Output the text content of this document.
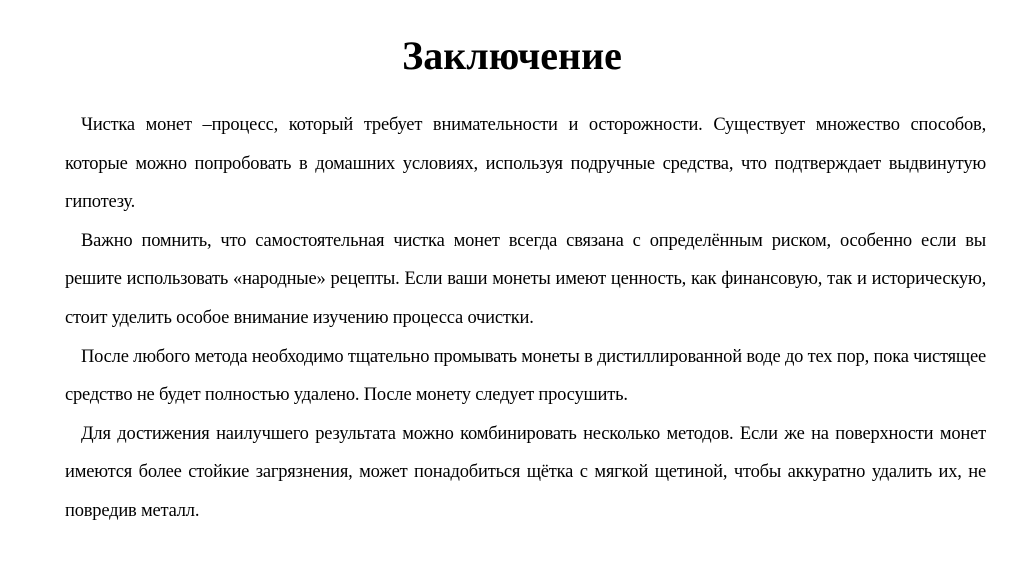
Заключение

Чистка монет –процесс, который требует внимательности и осторожности. Существует множество способов, которые можно попробовать в домашних условиях, используя подручные средства, что подтверждает выдвинутую гипотезу.

Важно помнить, что самостоятельная чистка монет всегда связана с определённым риском, особенно если вы решите использовать «народные» рецепты. Если ваши монеты имеют ценность, как финансовую, так и историческую, стоит уделить особое внимание изучению процесса очистки.

После любого метода необходимо тщательно промывать монеты в дистиллированной воде до тех пор, пока чистящее средство не будет полностью удалено. После монету следует просушить.

Для достижения наилучшего результата можно комбинировать несколько методов. Если же на поверхности монет имеются более стойкие загрязнения, может понадобиться щётка с мягкой щетиной, чтобы аккуратно удалить их, не повредив металл.
